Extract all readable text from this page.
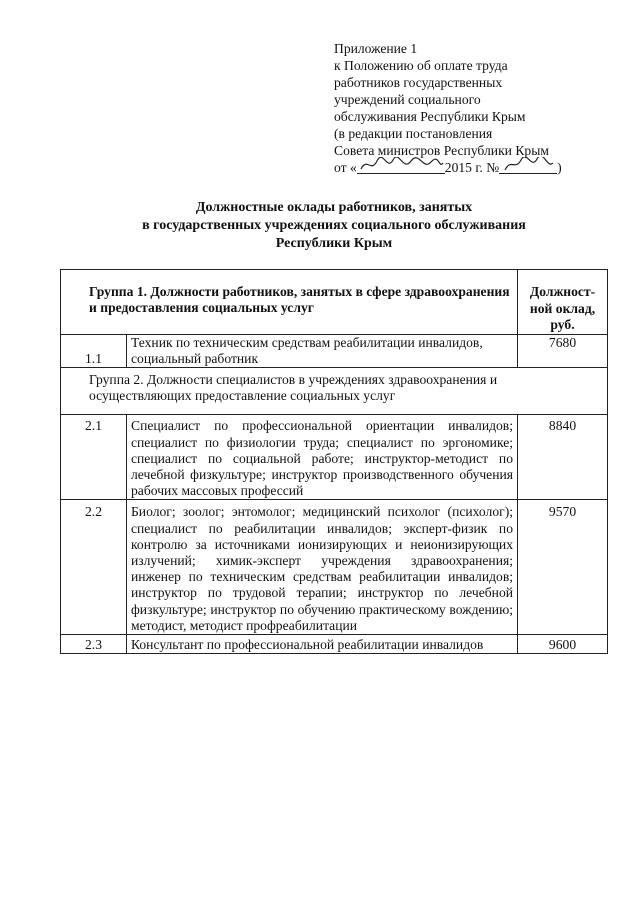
Приложение 1
к Положению об оплате труда
работников государственных
учреждений социального
обслуживания Республики Крым
(в редакции постановления
Совета министров Республики Крым
от «	2015 г. №	)
Должностные оклады работников, занятых
в государственных учреждениях социального обслуживания
Республики Крым
Группа 1. Должности работников, занятых в сфере здравоохранения и предоставления социальных услуг		Должност-ной оклад, руб.
1.1	Техник по техническим средствам реабилитации инвалидов, социальный работник	7680
Группа 2. Должности специалистов в учреждениях здравоохранения и осуществляющих предоставление социальных услуг		
2.1	Специалист по профессиональной ориентации инвалидов; специалист по физиологии труда; специалист по эргономике; специалист по социальной работе; инструктор-методист по лечебной физкультуре; инструктор производственного обучения рабочих массовых профессий	8840
2.2	Биолог; зоолог; энтомолог; медицинский психолог (психолог); специалист по реабилитации инвалидов; эксперт-физик по контролю за источниками ионизирующих и неионизирующих излучений; химик-эксперт учреждения здравоохранения; инженер по техническим средствам реабилитации инвалидов; инструктор по трудовой терапии; инструктор по лечебной физкультуре; инструктор по обучению практическому вождению; методист, методист профреабилитации	9570
2.3	Консультант по профессиональной реабилитации инвалидов	9600
